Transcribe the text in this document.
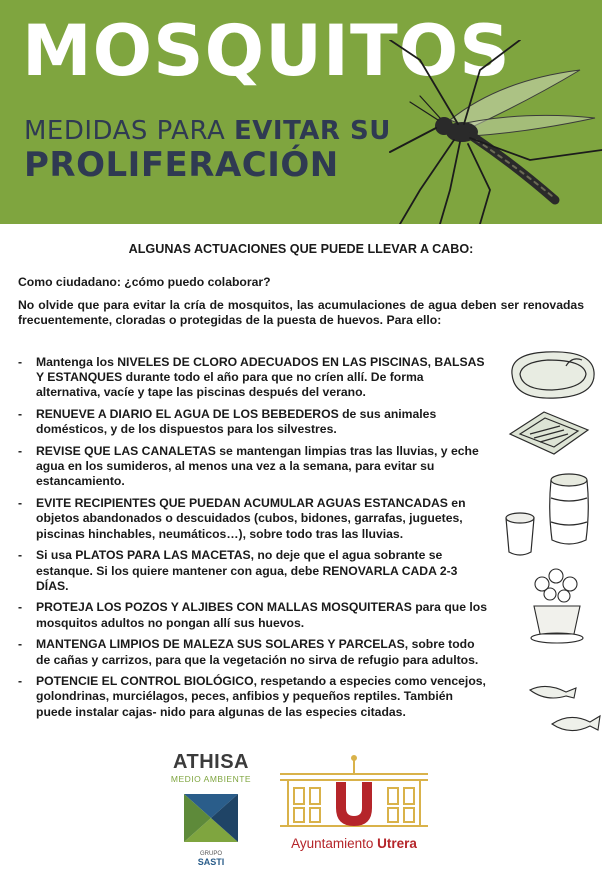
MOSQUITOS
MEDIDAS PARA EVITAR SU
PROLIFERACIÓN
ALGUNAS ACTUACIONES QUE PUEDE LLEVAR A CABO:
Como ciudadano: ¿cómo puedo colaborar?
No olvide que para evitar la cría de mosquitos, las acumulaciones de agua deben ser renovadas frecuentemente, cloradas o protegidas de la puesta de huevos. Para ello:
- Mantenga los NIVELES DE CLORO ADECUADOS EN LAS PISCINAS, BALSAS Y ESTANQUES durante todo el año para que no críen allí. De forma alternativa, vacíe y tape las piscinas después del verano.
- RENUEVE A DIARIO EL AGUA DE LOS BEBEDEROS de sus animales domésticos, y de los dispuestos para los silvestres.
- REVISE QUE LAS CANALETAS se mantengan limpias tras las lluvias, y eche agua en los sumideros, al menos una vez a la semana, para evitar su estancamiento.
- EVITE RECIPIENTES QUE PUEDAN ACUMULAR AGUAS ESTANCADAS en objetos abandonados o descuidados (cubos, bidones, garrafas, juguetes, piscinas hinchables, neumáticos…), sobre todo tras las lluvias.
- Si usa PLATOS PARA LAS MACETAS, no deje que el agua sobrante se estanque. Si los quiere mantener con agua, debe RENOVARLA CADA 2-3 DÍAS.
- PROTEJA LOS POZOS Y ALJIBES CON MALLAS MOSQUITERAS para que los mosquitos adultos no pongan allí sus huevos.
- MANTENGA LIMPIOS DE MALEZA SUS SOLARES Y PARCELAS, sobre todo de cañas y carrizos, para que la vegetación no sirva de refugio para adultos.
- POTENCIE EL CONTROL BIOLÓGICO, respetando a especies como vencejos, golondrinas, murciélagos, peces, anfibios y pequeños reptiles. También puede instalar cajas- nido para algunas de las especies citadas.
ATHISA
MEDIO AMBIENTE
GRUPO
SASTI
Ayuntamiento Utrera
